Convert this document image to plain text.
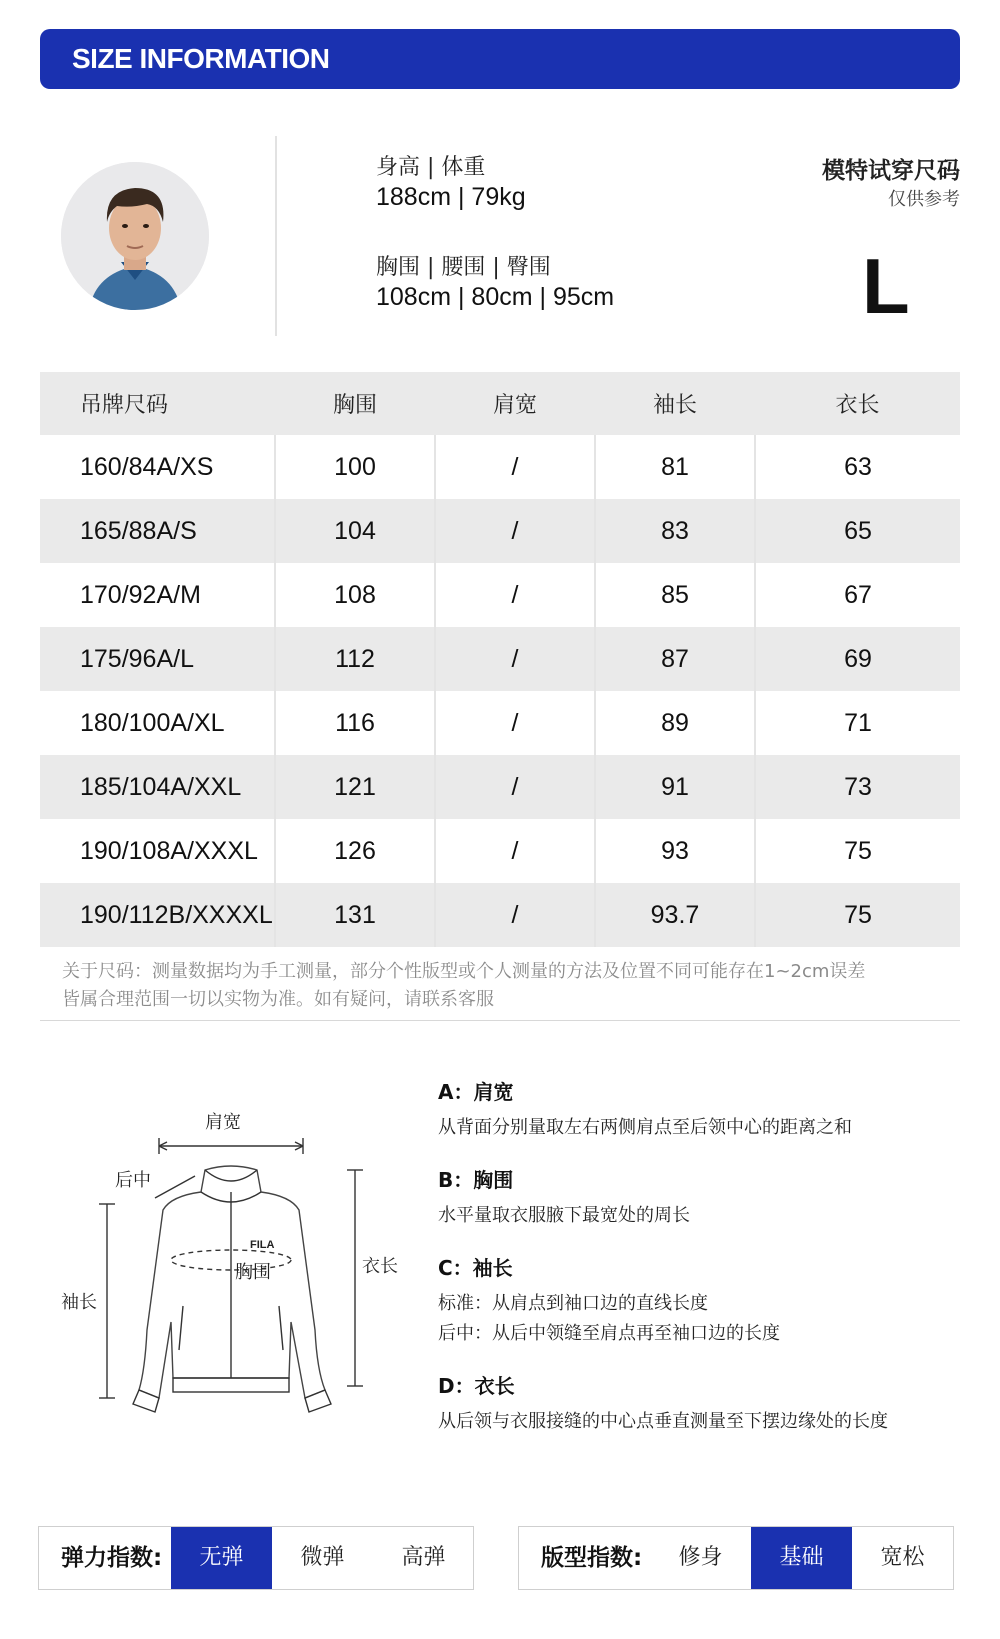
SIZE INFORMATION
身高 | 体重
188cm | 79kg
胸围 | 腰围 | 臀围
108cm | 80cm | 95cm
模特试穿尺码
仅供参考
L
吊牌尺码	胸围	肩宽	袖长	衣长
160/84A/XS	100	/	81	63
165/88A/S	104	/	83	65
170/92A/M	108	/	85	67
175/96A/L	112	/	87	69
180/100A/XL	116	/	89	71
185/104A/XXL	121	/	91	73
190/108A/XXXL	126	/	93	75
190/112B/XXXXL	131	/	93.7	75
关于尺码：测量数据均为手工测量，部分个性版型或个人测量的方法及位置不同可能存在1~2cm误差
皆属合理范围一切以实物为准。如有疑问，请联系客服
FILA
肩宽
后中
袖长
胸围	衣长
A：肩宽
从背面分别量取左右两侧肩点至后领中心的距离之和
B：胸围
水平量取衣服腋下最宽处的周长
C：袖长
标准：从肩点到袖口边的直线长度
后中：从后中领缝至肩点再至袖口边的长度
D：衣长
从后领与衣服接缝的中心点垂直测量至下摆边缘处的长度
弹力指数:	无弹	微弹	高弹	版型指数:	修身	基础	宽松
